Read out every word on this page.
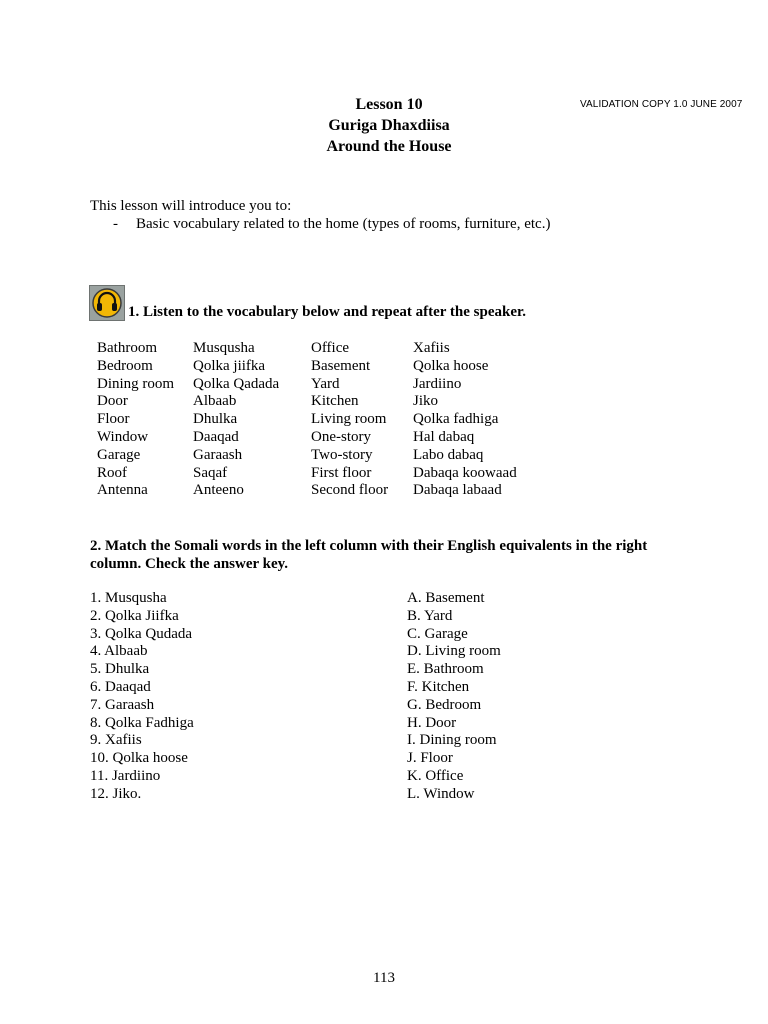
VALIDATION COPY 1.0 JUNE 2007
Lesson 10
Guriga Dhaxdiisa
Around the House
This lesson will introduce you to:
- Basic vocabulary related to the home (types of rooms, furniture, etc.)
1. Listen to the vocabulary below and repeat after the speaker.
Bathroom
Bedroom
Dining room
Door
Floor
Window
Garage
Roof
Antenna
Musqusha
Qolka jiifka
Qolka Qadada
Albaab
Dhulka
Daaqad
Garaash
Saqaf
Anteeno
Office
Basement
Yard
Kitchen
Living room
One-story
Two-story
First floor
Second floor
Xafiis
Qolka hoose
Jardiino
Jiko
Qolka fadhiga
Hal dabaq
Labo dabaq
Dabaqa koowaad
Dabaqa labaad
2. Match the Somali words in the left column with their English equivalents in the right
column. Check the answer key.
1. Musqusha
2. Qolka Jiifka
3. Qolka Qudada
4. Albaab
5. Dhulka
6. Daaqad
7. Garaash
8. Qolka Fadhiga
9. Xafiis
10. Qolka hoose
11. Jardiino
12. Jiko.
A. Basement
B. Yard
C. Garage
D. Living room
E. Bathroom
F. Kitchen
G. Bedroom
H. Door
I. Dining room
J. Floor
K. Office
L. Window
113
